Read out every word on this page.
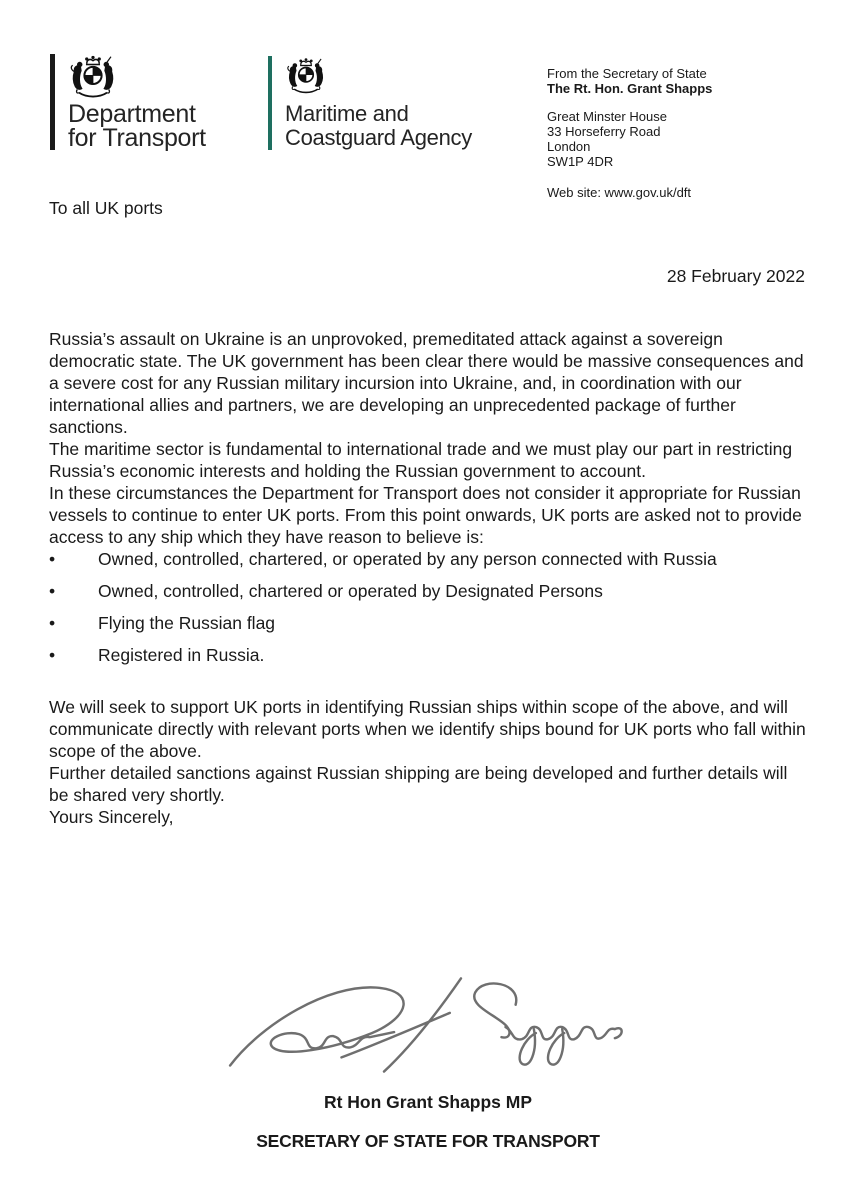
Department
for Transport
Maritime and
Coastguard Agency
From the Secretary of State
The Rt. Hon. Grant Shapps
Great Minster House
33 Horseferry Road
London
SW1P 4DR
Web site: www.gov.uk/dft
To all UK ports
28 February 2022

Russia’s assault on Ukraine is an unprovoked, premeditated attack against a sovereign democratic state. The UK government has been clear there would be massive consequences and a severe cost for any Russian military incursion into Ukraine, and, in coordination with our international allies and partners, we are developing an unprecedented package of further sanctions.

The maritime sector is fundamental to international trade and we must play our part in restricting Russia’s economic interests and holding the Russian government to account.

In these circumstances the Department for Transport does not consider it appropriate for Russian vessels to continue to enter UK ports. From this point onwards, UK ports are asked not to provide access to any ship which they have reason to believe is:

•	Owned, controlled, chartered, or operated by any person connected with Russia
•	Owned, controlled, chartered or operated by Designated Persons
•	Flying the Russian flag
•	Registered in Russia.

We will seek to support UK ports in identifying Russian ships within scope of the above, and will communicate directly with relevant ports when we identify ships bound for UK ports who fall within scope of the above.

Further detailed sanctions against Russian shipping are being developed and further details will be shared very shortly.

Yours Sincerely,

Rt Hon Grant Shapps MP
SECRETARY OF STATE FOR TRANSPORT
